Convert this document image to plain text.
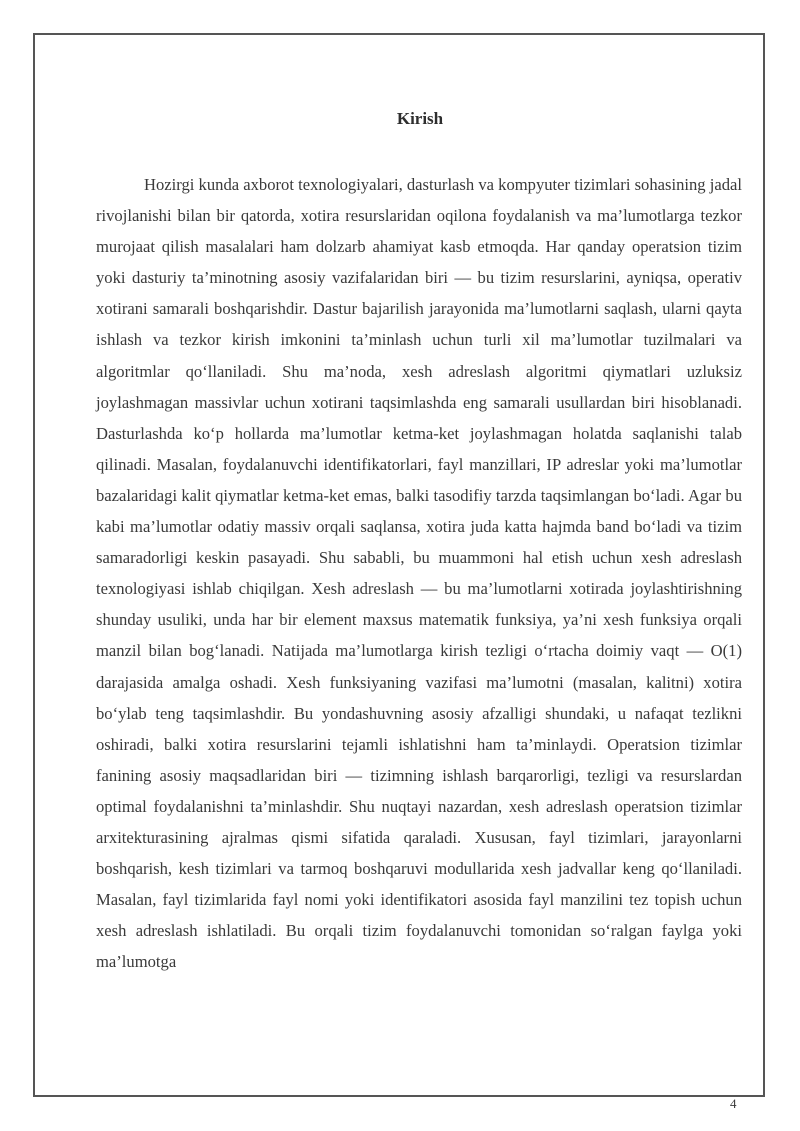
Kirish

Hozirgi kunda axborot texnologiyalari, dasturlash va kompyuter tizimlari sohasining jadal rivojlanishi bilan bir qatorda, xotira resurslaridan oqilona foydalanish va ma’lumotlarga tezkor murojaat qilish masalalari ham dolzarb ahamiyat kasb etmoqda. Har qanday operatsion tizim yoki dasturiy ta’minotning asosiy vazifalaridan biri — bu tizim resurslarini, ayniqsa, operativ xotirani samarali boshqarishdir. Dastur bajarilish jarayonida ma’lumotlarni saqlash, ularni qayta ishlash va tezkor kirish imkonini ta’minlash uchun turli xil ma’lumotlar tuzilmalari va algoritmlar qo‘llaniladi. Shu ma’noda, xesh adreslash algoritmi qiymatlari uzluksiz joylashmagan massivlar uchun xotirani taqsimlashda eng samarali usullardan biri hisoblanadi. Dasturlashda ko‘p hollarda ma’lumotlar ketma-ket joylashmagan holatda saqlanishi talab qilinadi. Masalan, foydalanuvchi identifikatorlari, fayl manzillari, IP adreslar yoki ma’lumotlar bazalaridagi kalit qiymatlar ketma-ket emas, balki tasodifiy tarzda taqsimlangan bo‘ladi. Agar bu kabi ma’lumotlar odatiy massiv orqali saqlansa, xotira juda katta hajmda band bo‘ladi va tizim samaradorligi keskin pasayadi. Shu sababli, bu muammoni hal etish uchun xesh adreslash texnologiyasi ishlab chiqilgan. Xesh adreslash — bu ma’lumotlarni xotirada joylashtirishning shunday usuliki, unda har bir element maxsus matematik funksiya, ya’ni xesh funksiya orqali manzil bilan bog‘lanadi. Natijada ma’lumotlarga kirish tezligi o‘rtacha doimiy vaqt — O(1) darajasida amalga oshadi. Xesh funksiyaning vazifasi ma’lumotni (masalan, kalitni) xotira bo‘ylab teng taqsimlashdir. Bu yondashuvning asosiy afzalligi shundaki, u nafaqat tezlikni oshiradi, balki xotira resurslarini tejamli ishlatishni ham ta’minlaydi. Operatsion tizimlar fanining asosiy maqsadlaridan biri — tizimning ishlash barqarorligi, tezligi va resurslardan optimal foydalanishni ta’minlashdir. Shu nuqtayi nazardan, xesh adreslash operatsion tizimlar arxitekturasining ajralmas qismi sifatida qaraladi. Xususan, fayl tizimlari, jarayonlarni boshqarish, kesh tizimlari va tarmoq boshqaruvi modullarida xesh jadvallar keng qo‘llaniladi. Masalan, fayl tizimlarida fayl nomi yoki identifikatori asosida fayl manzilini tez topish uchun xesh adreslash ishlatiladi. Bu orqali tizim foydalanuvchi tomonidan so‘ralgan faylga yoki ma’lumotga

4
